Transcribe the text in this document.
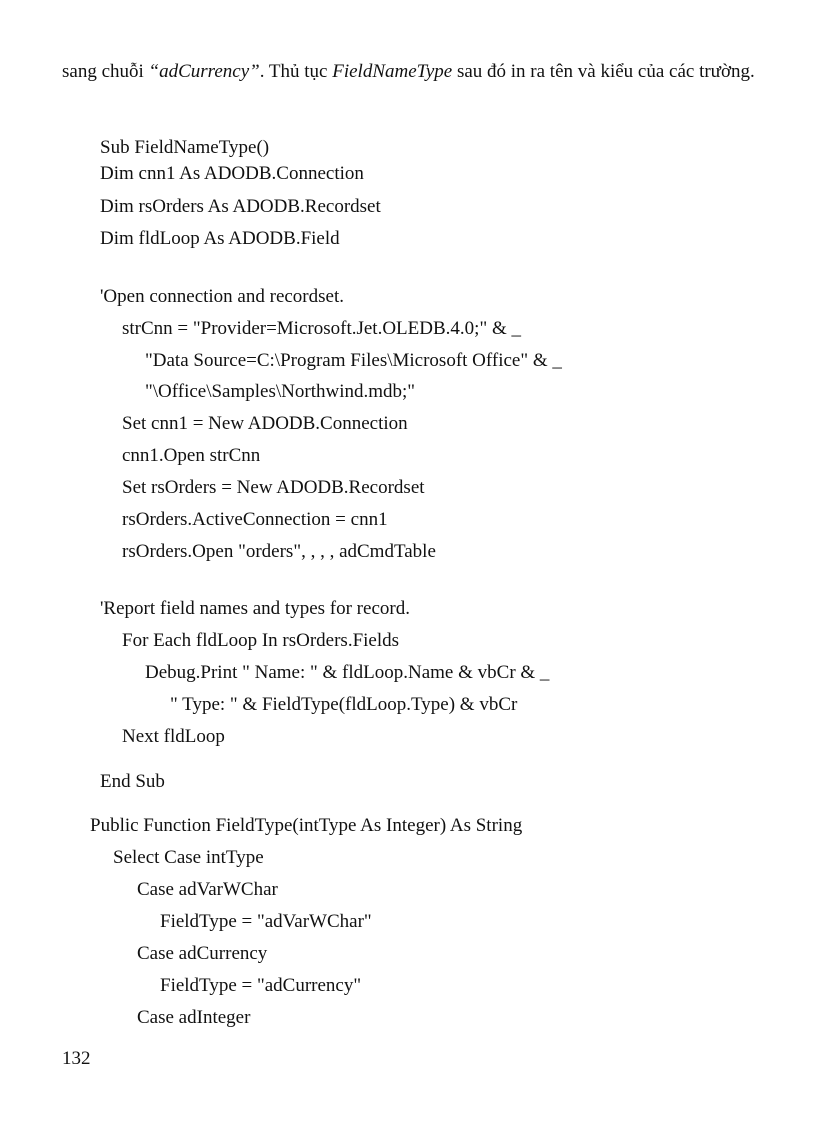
sang chuỗi “adCurrency”. Thủ tục FieldNameType sau đó in ra tên và kiểu của các trường.

Sub FieldNameType()
Dim cnn1 As ADODB.Connection
Dim rsOrders As ADODB.Recordset
Dim fldLoop As ADODB.Field
'Open connection and recordset.
strCnn = "Provider=Microsoft.Jet.OLEDB.4.0;" & _
"Data Source=C:\Program Files\Microsoft Office" & _
"\Office\Samples\Northwind.mdb;"
Set cnn1 = New ADODB.Connection
cnn1.Open strCnn
Set rsOrders = New ADODB.Recordset
rsOrders.ActiveConnection = cnn1
rsOrders.Open "orders", , , , adCmdTable
'Report field names and types for record.
For Each fldLoop In rsOrders.Fields
Debug.Print " Name: " & fldLoop.Name & vbCr & _
" Type: " & FieldType(fldLoop.Type) & vbCr
Next fldLoop
End Sub
Public Function FieldType(intType As Integer) As String
Select Case intType
Case adVarWChar
FieldType = "adVarWChar"
Case adCurrency
FieldType = "adCurrency"
Case adInteger
132
